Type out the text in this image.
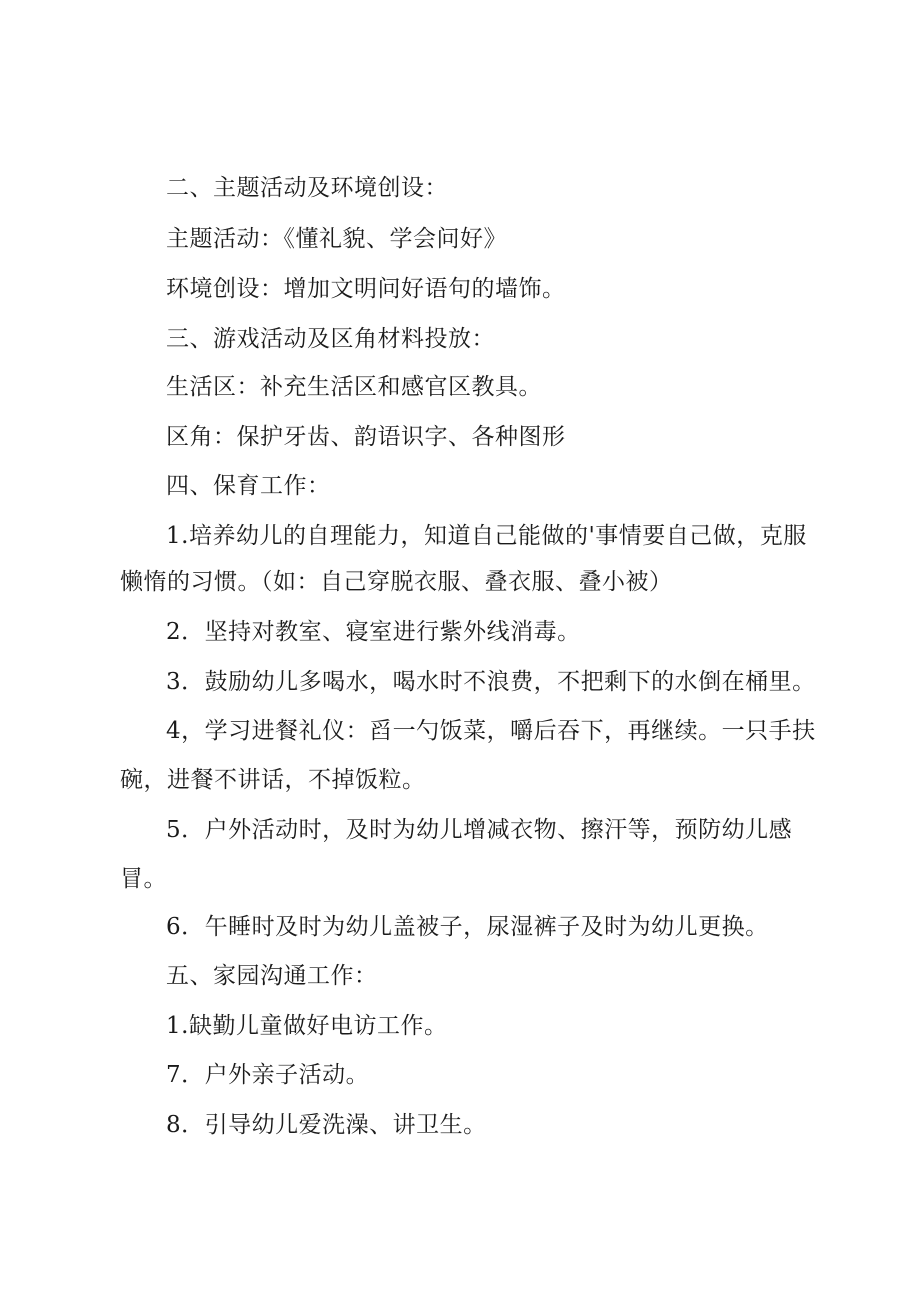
二、主题活动及环境创设：
主题活动：《懂礼貌、学会问好》
环境创设：增加文明问好语句的墙饰。
三、游戏活动及区角材料投放：
生活区：补充生活区和感官区教具。
区角：保护牙齿、韵语识字、各种图形
四、保育工作：
1.培养幼儿的自理能力，知道自己能做的'事情要自己做，克服
懒惰的习惯。（如：自己穿脱衣服、叠衣服、叠小被）
2．坚持对教室、寝室进行紫外线消毒。
3．鼓励幼儿多喝水，喝水时不浪费，不把剩下的水倒在桶里。
4，学习进餐礼仪：舀一勺饭菜，嚼后吞下，再继续。一只手扶
碗，进餐不讲话，不掉饭粒。
5．户外活动时，及时为幼儿增减衣物、擦汗等，预防幼儿感
冒。
6．午睡时及时为幼儿盖被子，尿湿裤子及时为幼儿更换。
五、家园沟通工作：
1.缺勤儿童做好电访工作。
7．户外亲子活动。
8．引导幼儿爱洗澡、讲卫生。
